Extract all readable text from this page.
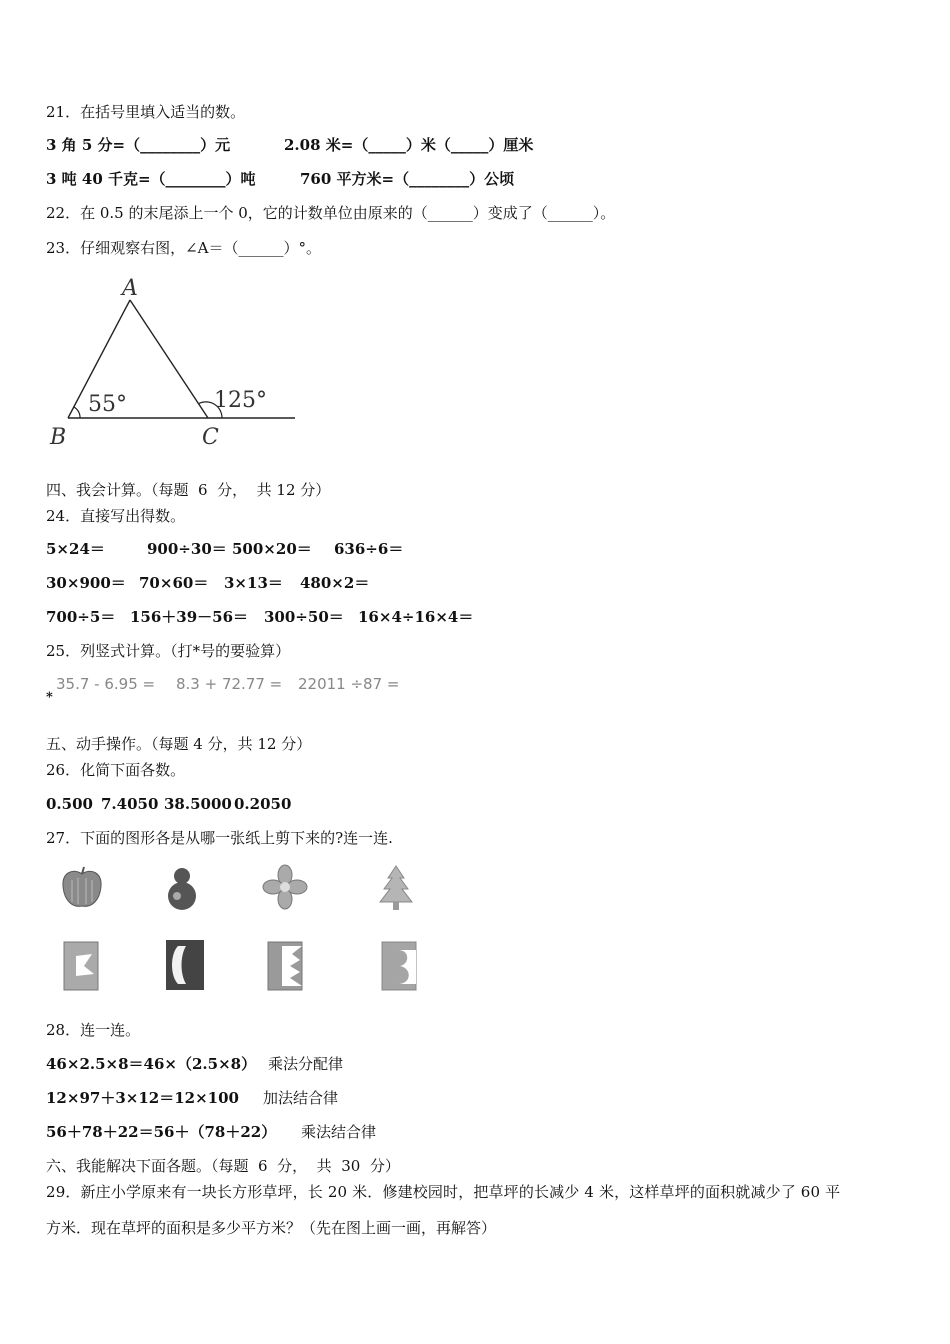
21．在括号里填入适当的数。
3 角 5 分=（________）元	2.08 米=（_____）米（_____）厘米
3 吨 40 千克=（________）吨	760 平方米=（________）公顷
22．在 0.5 的末尾添上一个 0，它的计数单位由原来的（______）变成了（______）。
23．仔细观察右图，∠A＝（______）°。
A
B	C
55°	125°
四、我会计算。（每题  6  分，  共 12 分）
24．直接写出得数。
5×24＝	900÷30＝ 500×20＝ 636÷6＝
30×900＝ 70×60＝ 3×13＝ 480×2＝
700÷5＝ 156＋39－56＝ 300÷50＝ 16×4÷16×4＝
25．列竖式计算。（打*号的要验算）
35.7 - 6.95 = 8.3 + 72.77 = 22011 ÷87 =
*
五、动手操作。（每题 4 分，共 12 分）
26．化简下面各数。
0.500 7.4050 38.5000 0.2050
27．下面的图形各是从哪一张纸上剪下来的?连一连.
28．连一连。
46×2.5×8＝46×（2.5×8） 乘法分配律
12×97＋3×12＝12×100 加法结合律
56＋78＋22＝56＋（78＋22） 乘法结合律
六、我能解决下面各题。（每题  6  分，  共  30  分）
29．新庄小学原来有一块长方形草坪，长 20 米．修建校园时，把草坪的长减少 4 米，这样草坪的面积就减少了 60 平
方米．现在草坪的面积是多少平方米？（先在图上画一画，再解答）
